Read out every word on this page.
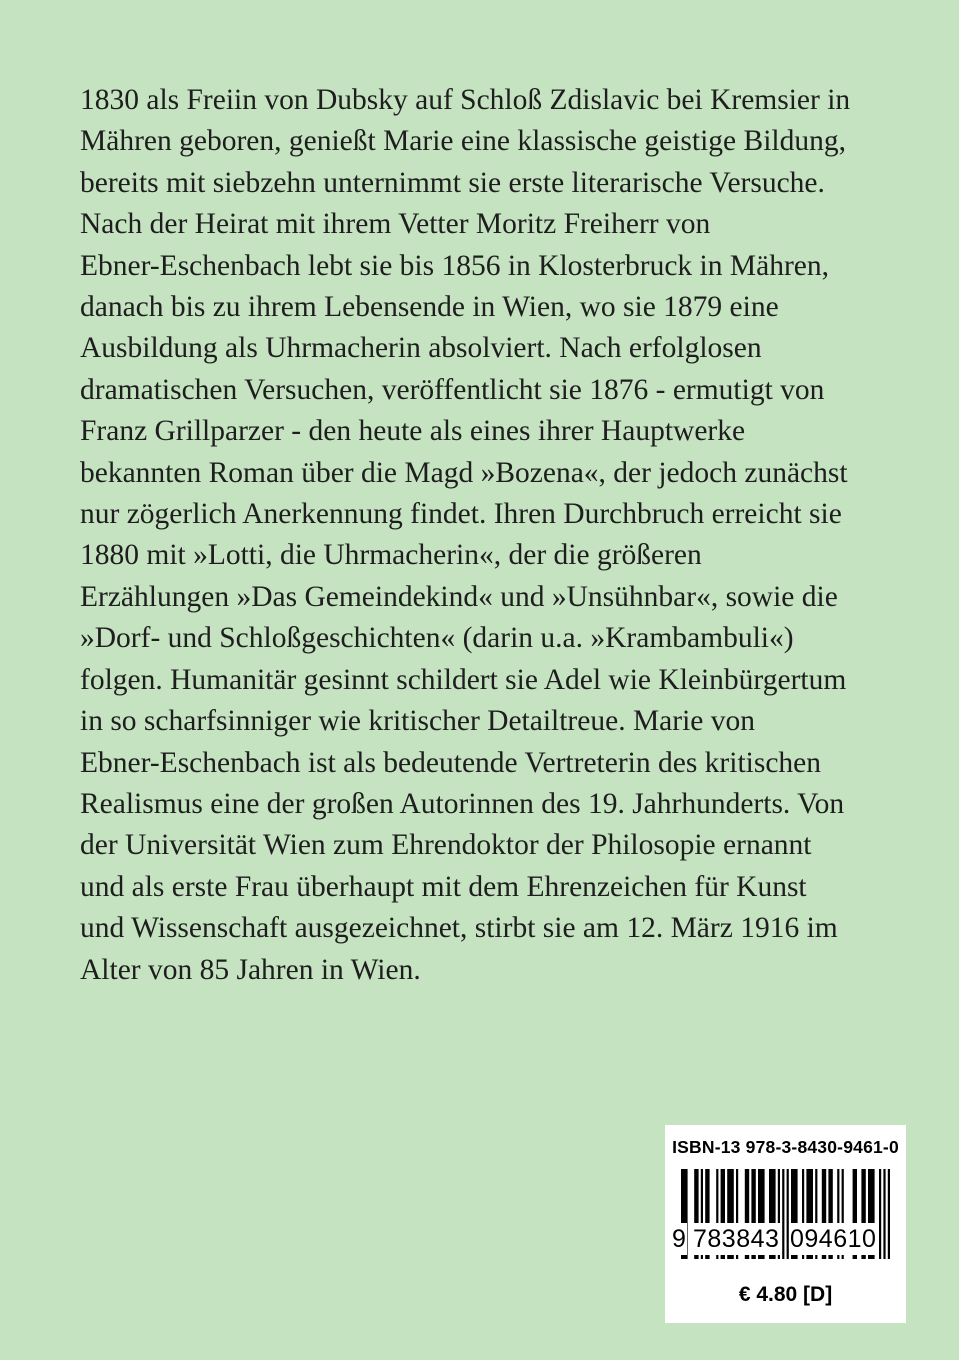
1830 als Freiin von Dubsky auf Schloß Zdislavic bei Kremsier in
Mähren geboren, genießt Marie eine klassische geistige Bildung,
bereits mit siebzehn unternimmt sie erste literarische Versuche.
Nach der Heirat mit ihrem Vetter Moritz Freiherr von
Ebner-Eschenbach lebt sie bis 1856 in Klosterbruck in Mähren,
danach bis zu ihrem Lebensende in Wien, wo sie 1879 eine
Ausbildung als Uhrmacherin absolviert. Nach erfolglosen
dramatischen Versuchen, veröffentlicht sie 1876 - ermutigt von
Franz Grillparzer - den heute als eines ihrer Hauptwerke
bekannten Roman über die Magd »Bozena«, der jedoch zunächst
nur zögerlich Anerkennung findet. Ihren Durchbruch erreicht sie
1880 mit »Lotti, die Uhrmacherin«, der die größeren
Erzählungen »Das Gemeindekind« und »Unsühnbar«, sowie die
»Dorf- und Schloßgeschichten« (darin u.a. »Krambambuli«)
folgen. Humanitär gesinnt schildert sie Adel wie Kleinbürgertum
in so scharfsinniger wie kritischer Detailtreue. Marie von
Ebner-Eschenbach ist als bedeutende Vertreterin des kritischen
Realismus eine der großen Autorinnen des 19. Jahrhunderts. Von
der Universität Wien zum Ehrendoktor der Philosopie ernannt
und als erste Frau überhaupt mit dem Ehrenzeichen für Kunst
und Wissenschaft ausgezeichnet, stirbt sie am 12. März 1916 im
Alter von 85 Jahren in Wien.

ISBN-13 978-3-8430-9461-0
9 783843 094610
€ 4.80 [D]
